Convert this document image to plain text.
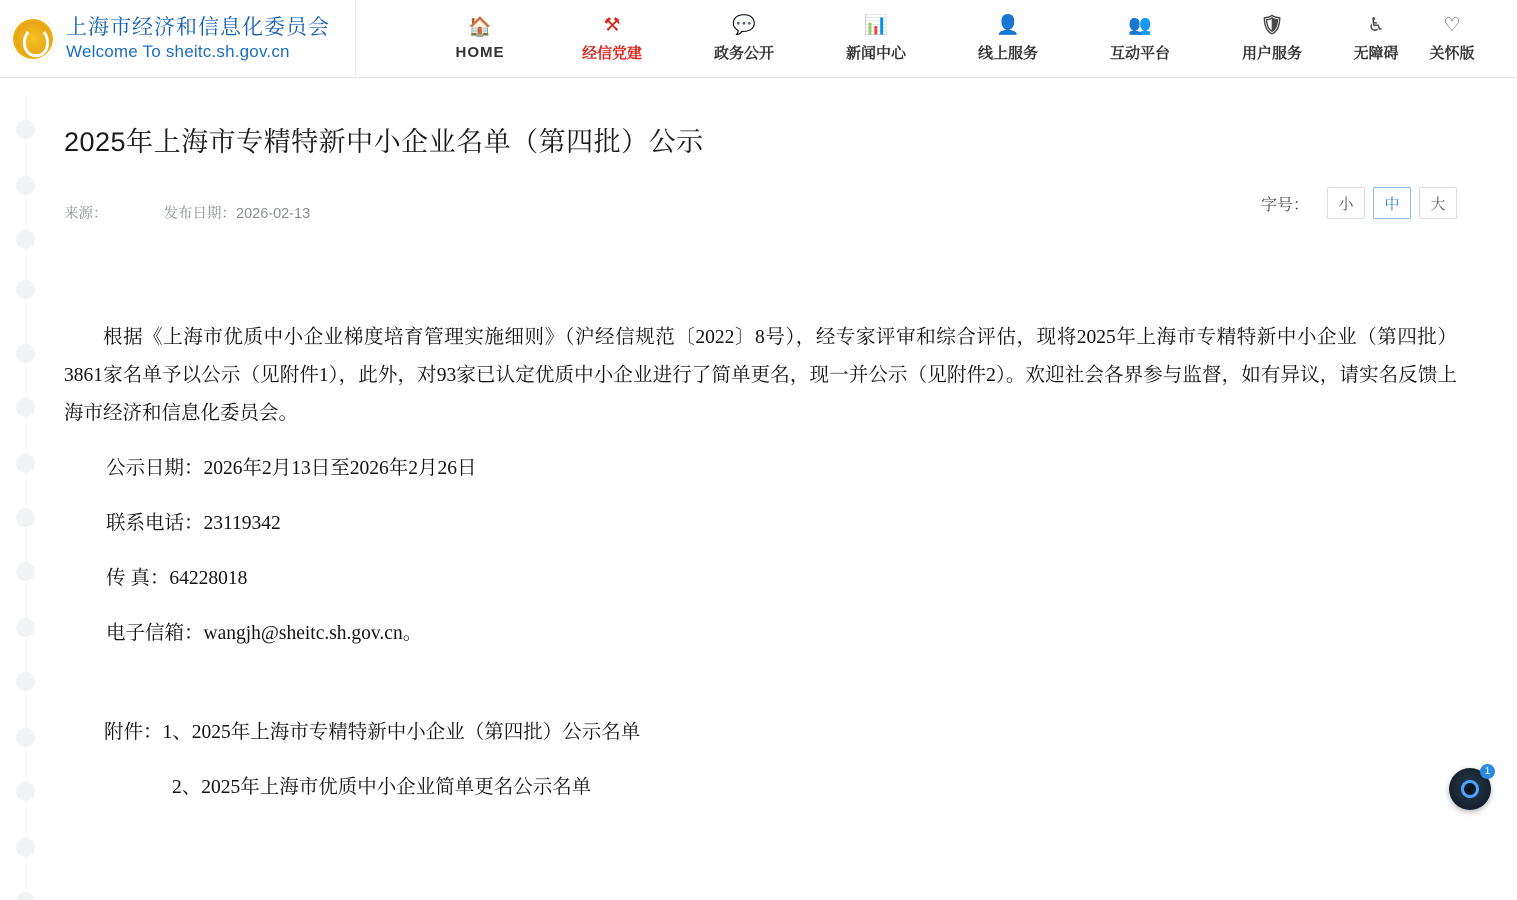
上海市经济和信息化委员会
Welcome To sheitc.sh.gov.cn
🏠
HOME
⚒
经信党建
💬
政务公开
📊
新闻中心
👤
线上服务
👥
互动平台
🛡
用户服务
♿
无障碍
♡
关怀版
2025年上海市专精特新中小企业名单（第四批）公示
来源：	发布日期：2026-02-13	字号：	小	中	大

根据《上海市优质中小企业梯度培育管理实施细则》（沪经信规范〔2022〕8号），经专家评审和综合评估，现将2025年上海市专精特新中小企业（第四批）3861家名单予以公示（见附件1），此外，对93家已认定优质中小企业进行了简单更名，现一并公示（见附件2）。欢迎社会各界参与监督，如有异议，请实名反馈上海市经济和信息化委员会。

公示日期：2026年2月13日至2026年2月26日

联系电话：23119342

传 真：64228018

电子信箱：wangjh@sheitc.sh.gov.cn。

附件：1、2025年上海市专精特新中小企业（第四批）公示名单

2、2025年上海市优质中小企业简单更名公示名单

1
